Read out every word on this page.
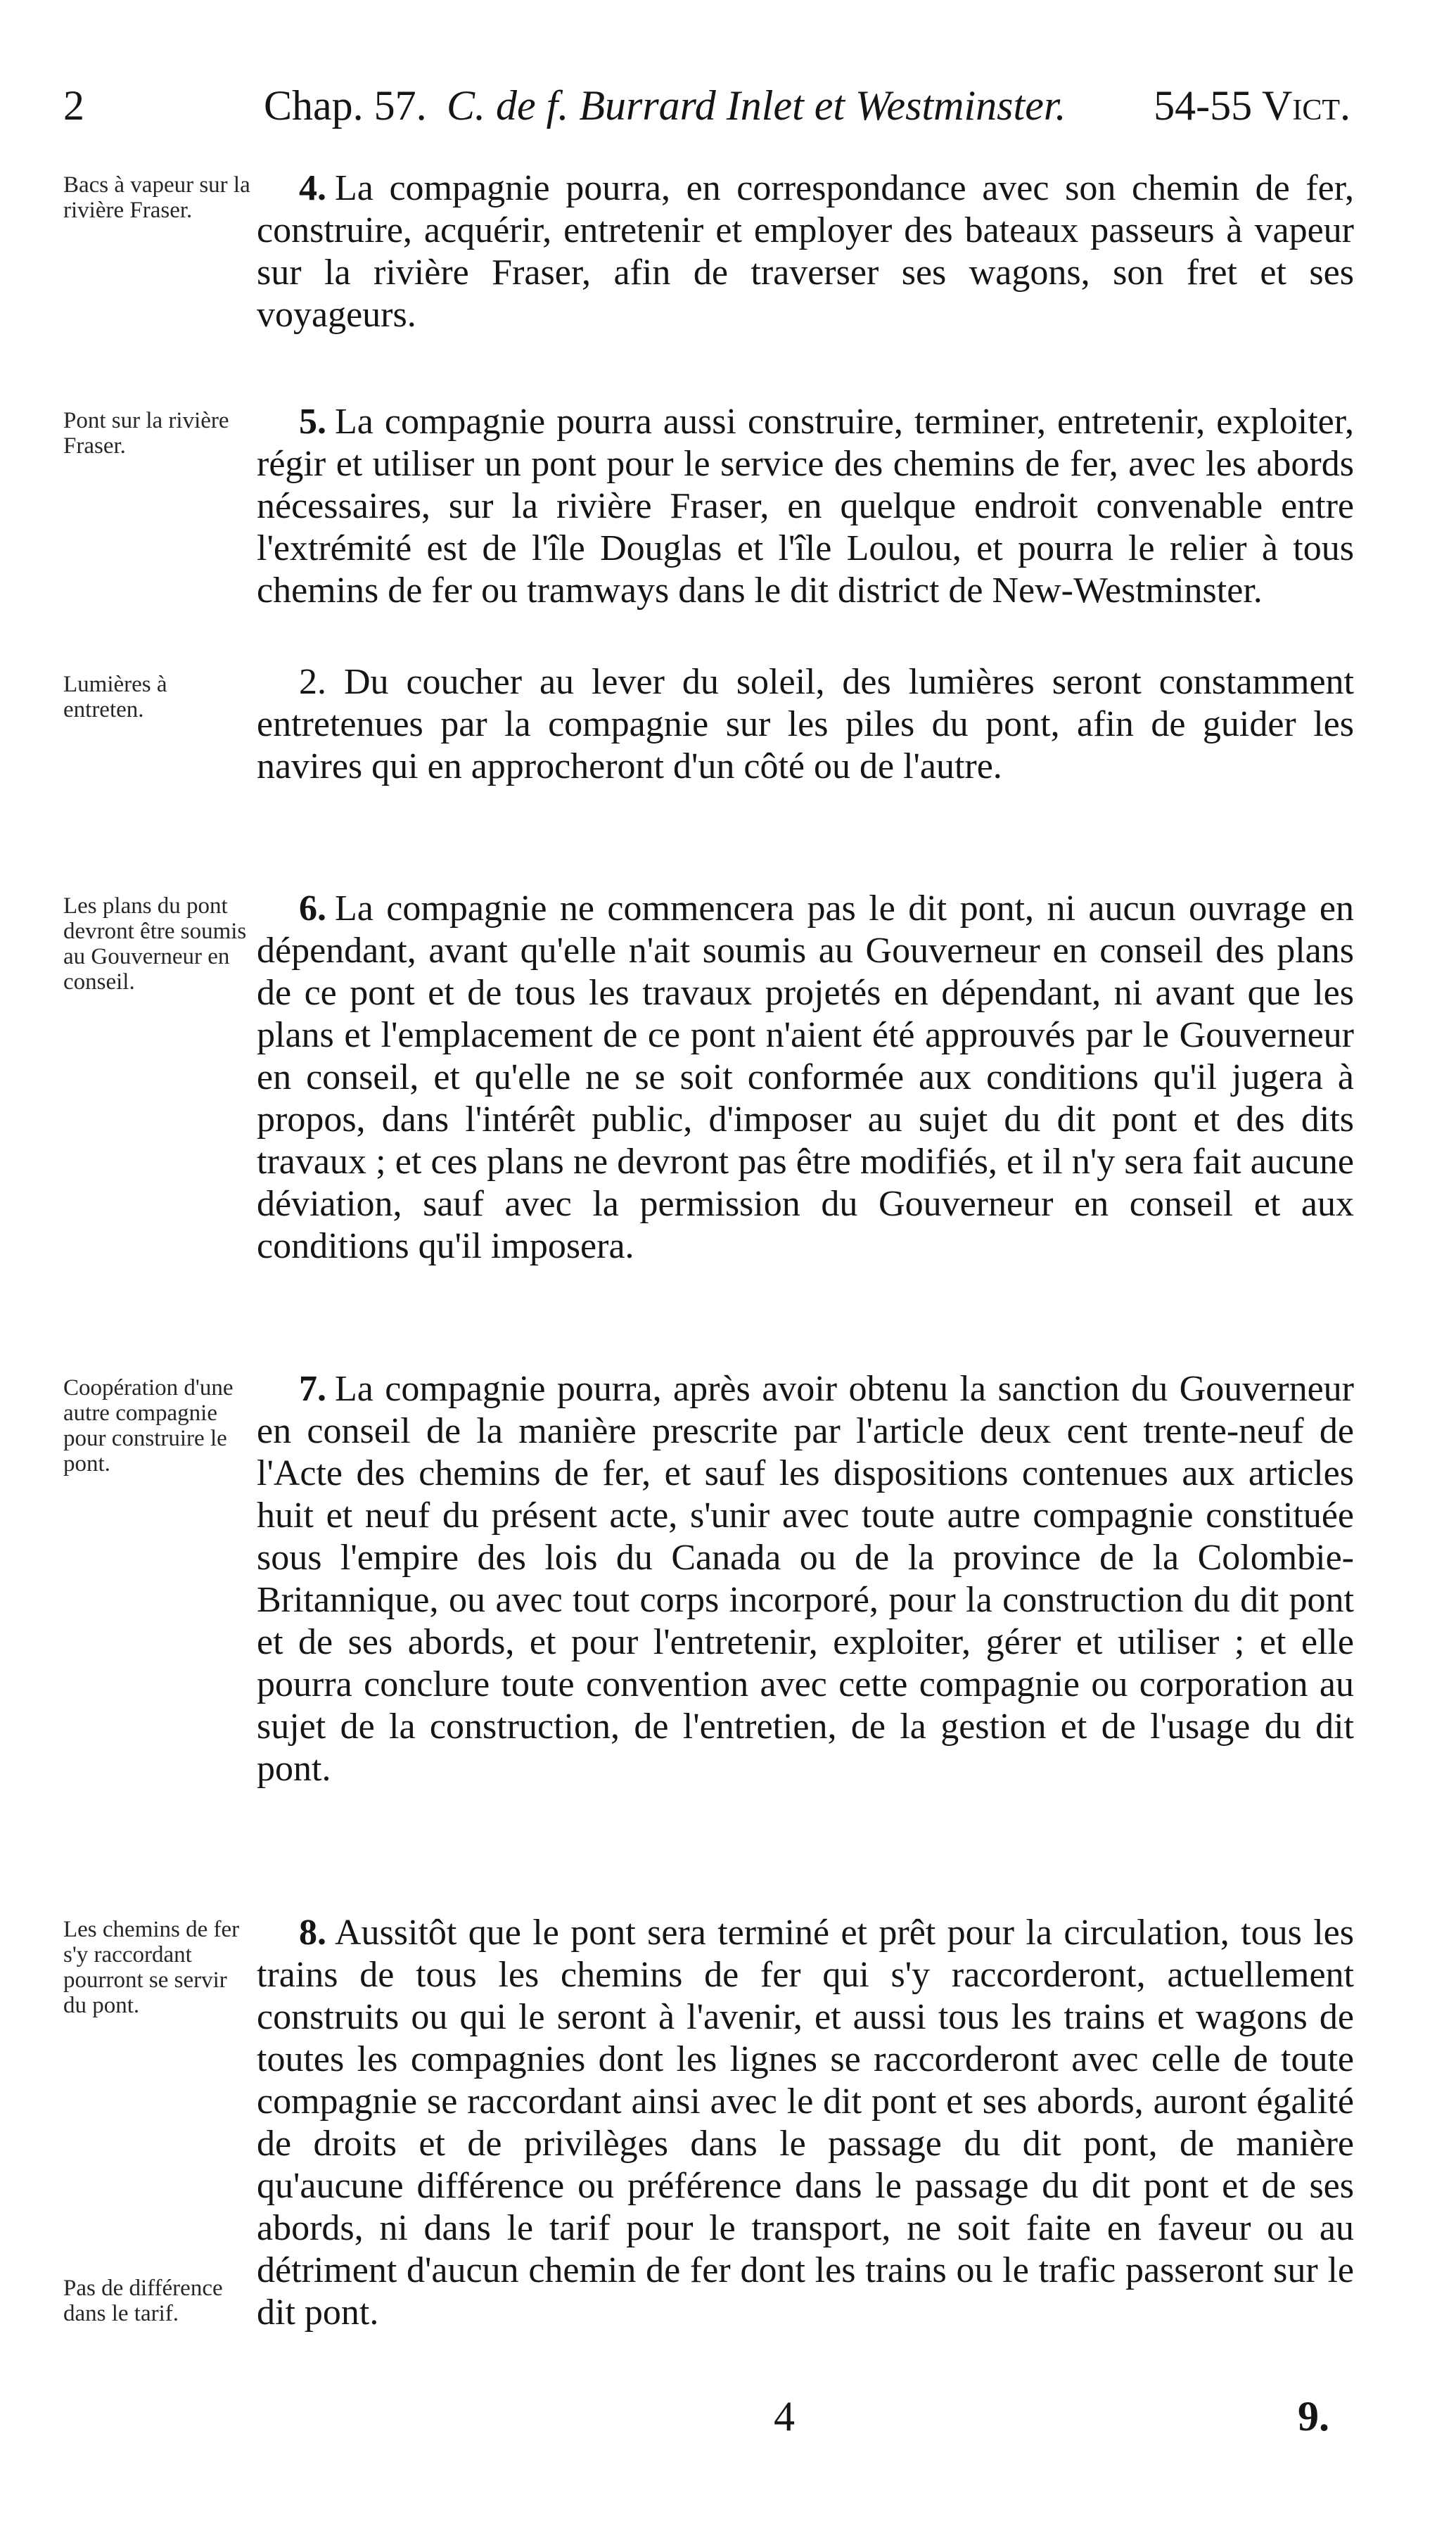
2	Chap. 57. C. de f. Burrard Inlet et Westminster. 54-55 Vict.
Bacs à vapeur sur la rivière Fraser.
4. La compagnie pourra, en correspondance avec son chemin de fer, construire, acquérir, entretenir et employer des bateaux passeurs à vapeur sur la rivière Fraser, afin de traverser ses wagons, son fret et ses voyageurs.
Pont sur la rivière Fraser.
5. La compagnie pourra aussi construire, terminer, entretenir, exploiter, régir et utiliser un pont pour le service des chemins de fer, avec les abords nécessaires, sur la rivière Fraser, en quelque endroit convenable entre l'extrémité est de l'île Douglas et l'île Loulou, et pourra le relier à tous chemins de fer ou tramways dans le dit district de New-Westminster.
Lumières à entreten.
2. Du coucher au lever du soleil, des lumières seront constamment entretenues par la compagnie sur les piles du pont, afin de guider les navires qui en approcheront d'un côté ou de l'autre.
Les plans du pont devront être soumis au Gouverneur en conseil.
6. La compagnie ne commencera pas le dit pont, ni aucun ouvrage en dépendant, avant qu'elle n'ait soumis au Gouverneur en conseil des plans de ce pont et de tous les travaux projetés en dépendant, ni avant que les plans et l'emplacement de ce pont n'aient été approuvés par le Gouverneur en conseil, et qu'elle ne se soit conformée aux conditions qu'il jugera à propos, dans l'intérêt public, d'imposer au sujet du dit pont et des dits travaux ; et ces plans ne devront pas être modifiés, et il n'y sera fait aucune déviation, sauf avec la permission du Gouverneur en conseil et aux conditions qu'il imposera.
Coopération d'une autre compagnie pour construire le pont.
7. La compagnie pourra, après avoir obtenu la sanction du Gouverneur en conseil de la manière prescrite par l'article deux cent trente-neuf de l'Acte des chemins de fer, et sauf les dispositions contenues aux articles huit et neuf du présent acte, s'unir avec toute autre compagnie constituée sous l'empire des lois du Canada ou de la province de la Colombie-Britannique, ou avec tout corps incorporé, pour la construction du dit pont et de ses abords, et pour l'entretenir, exploiter, gérer et utiliser ; et elle pourra conclure toute convention avec cette compagnie ou corporation au sujet de la construction, de l'entretien, de la gestion et de l'usage du dit pont.
Les chemins de fer s'y raccordant pourront se servir du pont.
Pas de différence dans le tarif.
8. Aussitôt que le pont sera terminé et prêt pour la circulation, tous les trains de tous les chemins de fer qui s'y raccorderont, actuellement construits ou qui le seront à l'avenir, et aussi tous les trains et wagons de toutes les compagnies dont les lignes se raccorderont avec celle de toute compagnie se raccordant ainsi avec le dit pont et ses abords, auront égalité de droits et de privilèges dans le passage du dit pont, de manière qu'aucune différence ou préférence dans le passage du dit pont et de ses abords, ni dans le tarif pour le transport, ne soit faite en faveur ou au détriment d'aucun chemin de fer dont les trains ou le trafic passeront sur le dit pont.
4	9.
